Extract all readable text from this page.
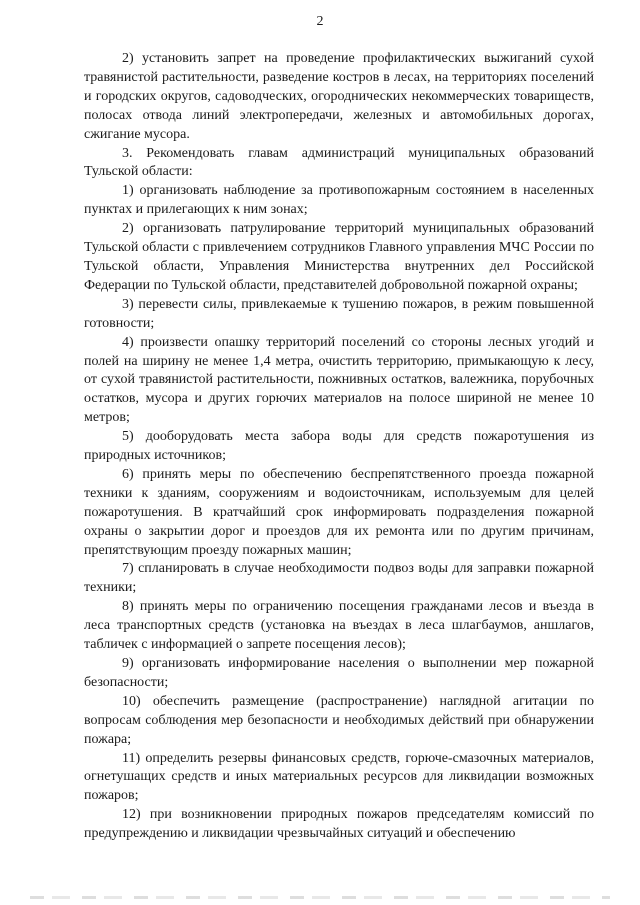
2

2) установить запрет на проведение профилактических выжиганий сухой травянистой растительности, разведение костров в лесах, на территориях поселений и городских округов, садоводческих, огороднических некоммерческих товариществ, полосах отвода линий электропередачи, железных и автомобильных дорогах, сжигание мусора.

3. Рекомендовать главам администраций муниципальных образований Тульской области:

1) организовать наблюдение за противопожарным состоянием в населенных пунктах и прилегающих к ним зонах;

2) организовать патрулирование территорий муниципальных образований Тульской области с привлечением сотрудников Главного управления МЧС России по Тульской области, Управления Министерства внутренних дел Российской Федерации по Тульской области, представителей добровольной пожарной охраны;

3) перевести силы, привлекаемые к тушению пожаров, в режим повышенной готовности;

4) произвести опашку территорий поселений со стороны лесных угодий и полей на ширину не менее 1,4 метра, очистить территорию, примыкающую к лесу, от сухой травянистой растительности, пожнивных остатков, валежника, порубочных остатков, мусора и других горючих материалов на полосе шириной не менее 10 метров;

5) дооборудовать места забора воды для средств пожаротушения из природных источников;

6) принять меры по обеспечению беспрепятственного проезда пожарной техники к зданиям, сооружениям и водоисточникам, используемым для целей пожаротушения. В кратчайший срок информировать подразделения пожарной охраны о закрытии дорог и проездов для их ремонта или по другим причинам, препятствующим проезду пожарных машин;

7) спланировать в случае необходимости подвоз воды для заправки пожарной техники;

8) принять меры по ограничению посещения гражданами лесов и въезда в леса транспортных средств (установка на въездах в леса шлагбаумов, аншлагов, табличек с информацией о запрете посещения лесов);

9) организовать информирование населения о выполнении мер пожарной безопасности;

10) обеспечить размещение (распространение) наглядной агитации по вопросам соблюдения мер безопасности и необходимых действий при обнаружении пожара;

11) определить резервы финансовых средств, горюче-смазочных материалов, огнетушащих средств и иных материальных ресурсов для ликвидации возможных пожаров;

12) при возникновении природных пожаров председателям комиссий по предупреждению и ликвидации чрезвычайных ситуаций и обеспечению
